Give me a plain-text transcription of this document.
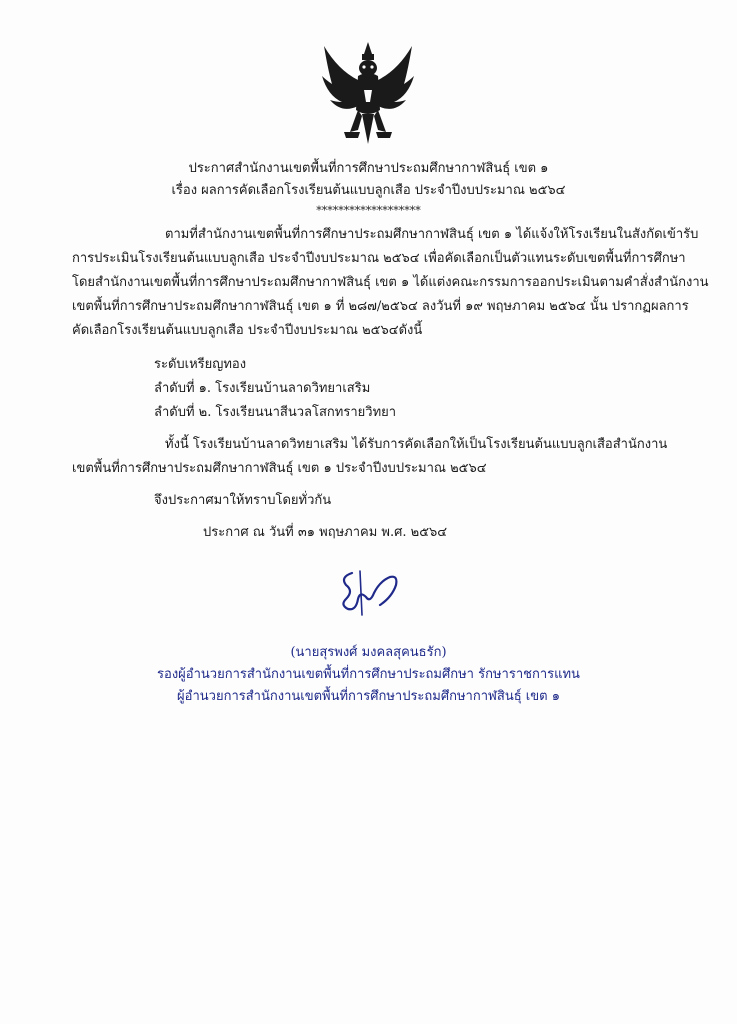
ประกาศสำนักงานเขตพื้นที่การศึกษาประถมศึกษากาฬสินธุ์ เขต ๑
เรื่อง ผลการคัดเลือกโรงเรียนต้นแบบลูกเสือ ประจำปีงบประมาณ ๒๕๖๔
*******************
ตามที่สำนักงานเขตพื้นที่การศึกษาประถมศึกษากาฬสินธุ์ เขต ๑ ได้แจ้งให้โรงเรียนในสังกัดเข้ารับ
การประเมินโรงเรียนต้นแบบลูกเสือ ประจำปีงบประมาณ ๒๕๖๔ เพื่อคัดเลือกเป็นตัวแทนระดับเขตพื้นที่การศึกษา
โดยสำนักงานเขตพื้นที่การศึกษาประถมศึกษากาฬสินธุ์ เขต ๑ ได้แต่งคณะกรรมการออกประเมินตามคำสั่งสำนักงาน
เขตพื้นที่การศึกษาประถมศึกษากาฬสินธุ์ เขต ๑ ที่ ๒๘๗/๒๕๖๔ ลงวันที่ ๑๙ พฤษภาคม ๒๕๖๔ นั้น ปรากฏผลการ
คัดเลือกโรงเรียนต้นแบบลูกเสือ ประจำปีงบประมาณ ๒๕๖๔ดังนี้
ระดับเหรียญทอง
ลำดับที่ ๑. โรงเรียนบ้านลาดวิทยาเสริม
ลำดับที่ ๒. โรงเรียนนาสีนวลโสกทรายวิทยา
ทั้งนี้ โรงเรียนบ้านลาดวิทยาเสริม ได้รับการคัดเลือกให้เป็นโรงเรียนต้นแบบลูกเสือสำนักงาน
เขตพื้นที่การศึกษาประถมศึกษากาฬสินธุ์ เขต ๑ ประจำปีงบประมาณ ๒๕๖๔
จึงประกาศมาให้ทราบโดยทั่วกัน
ประกาศ ณ วันที่ ๓๑ พฤษภาคม พ.ศ. ๒๕๖๔
(นายสุรพงศ์ มงคลสุคนธรัก)
รองผู้อำนวยการสำนักงานเขตพื้นที่การศึกษาประถมศึกษา รักษาราชการแทน
ผู้อำนวยการสำนักงานเขตพื้นที่การศึกษาประถมศึกษากาฬสินธุ์ เขต ๑
